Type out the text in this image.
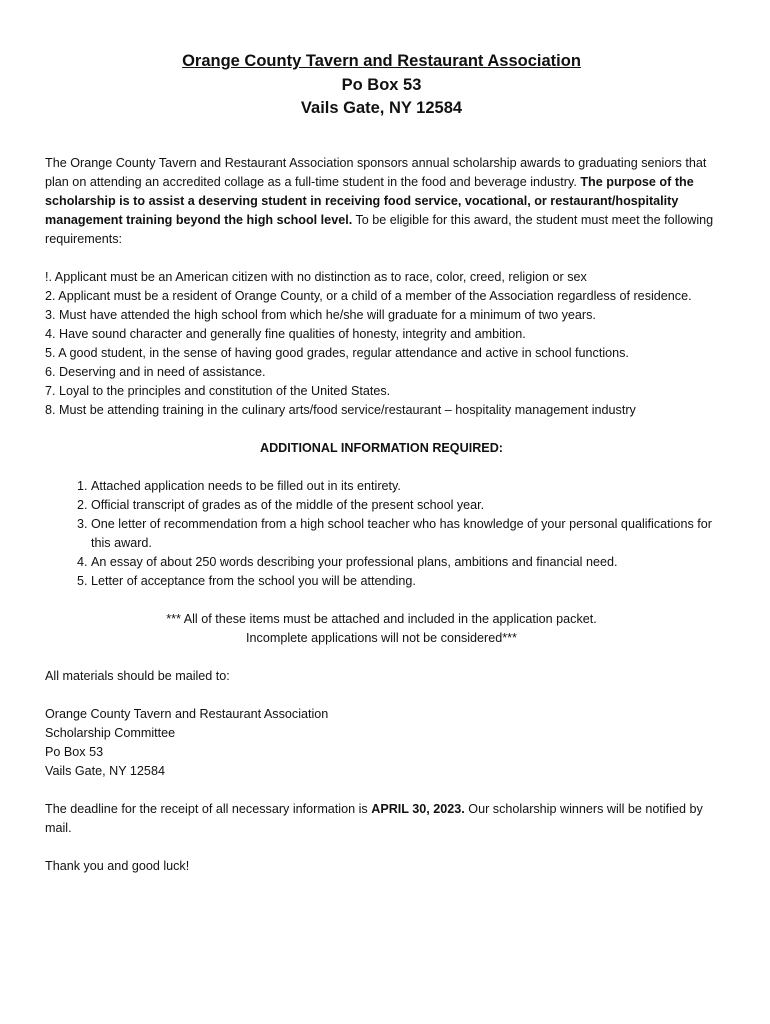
Orange County Tavern and Restaurant Association
Po Box 53
Vails Gate, NY 12584

The Orange County Tavern and Restaurant Association sponsors annual scholarship awards to graduating seniors that plan on attending an accredited collage as a full-time student in the food and beverage industry. The purpose of the scholarship is to assist a deserving student in receiving food service, vocational, or restaurant/hospitality management training beyond the high school level. To be eligible for this award, the student must meet the following requirements:

!. Applicant must be an American citizen with no distinction as to race, color, creed, religion or sex
2. Applicant must be a resident of Orange County, or a child of a member of the Association regardless of residence.
3. Must have attended the high school from which he/she will graduate for a minimum of two years.
4. Have sound character and generally fine qualities of honesty, integrity and ambition.
5. A good student, in the sense of having good grades, regular attendance and active in school functions.
6. Deserving and in need of assistance.
7. Loyal to the principles and constitution of the United States.
8. Must be attending training in the culinary arts/food service/restaurant – hospitality management industry

ADDITIONAL INFORMATION REQUIRED:

1. Attached application needs to be filled out in its entirety.
2. Official transcript of grades as of the middle of the present school year.
3. One letter of recommendation from a high school teacher who has knowledge of your personal qualifications for this award.
4. An essay of about 250 words describing your professional plans, ambitions and financial need.
5. Letter of acceptance from the school you will be attending.

*** All of these items must be attached and included in the application packet.
Incomplete applications will not be considered***

All materials should be mailed to:

Orange County Tavern and Restaurant Association
Scholarship Committee
Po Box 53
Vails Gate, NY 12584

The deadline for the receipt of all necessary information is APRIL 30, 2023. Our scholarship winners will be notified by mail.

Thank you and good luck!
